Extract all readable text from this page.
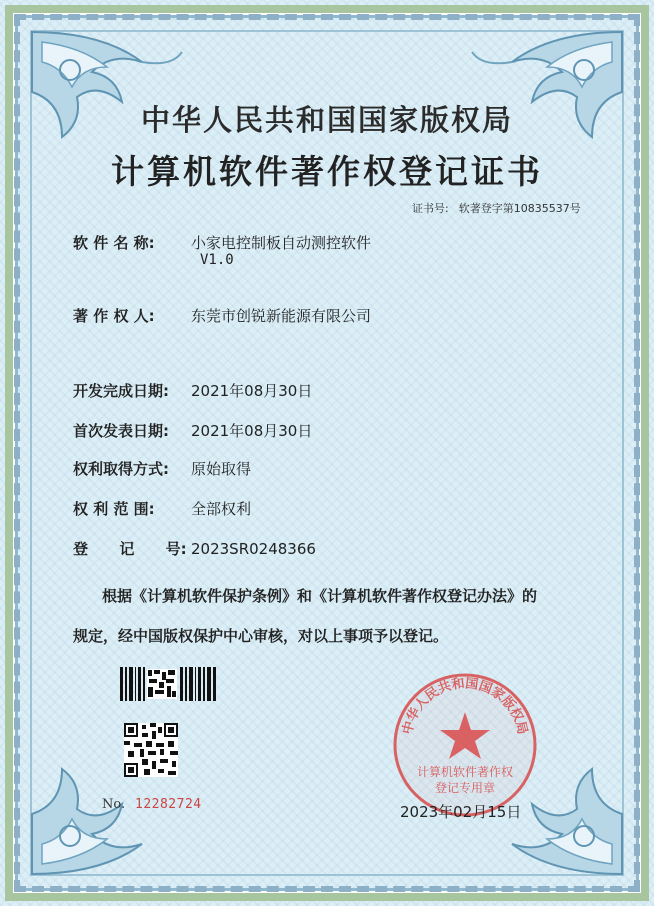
中华人民共和国国家版权局
计算机软件著作权登记证书
证书号: 软著登字第10835537号
软 件 名 称: 小家电控制板自动测控软件
V1.0
著 作 权 人: 东莞市创锐新能源有限公司
开发完成日期: 2021年08月30日
首次发表日期: 2021年08月30日
权利取得方式: 原始取得
权 利 范 围: 全部权利
登      记      号: 2023SR0248366
根据《计算机软件保护条例》和《计算机软件著作权登记办法》的
规定，经中国版权保护中心审核，对以上事项予以登记。
No. 12282724
中华人民共和国国家版权局
计算机软件著作权
登记专用章
2023年02月15日
